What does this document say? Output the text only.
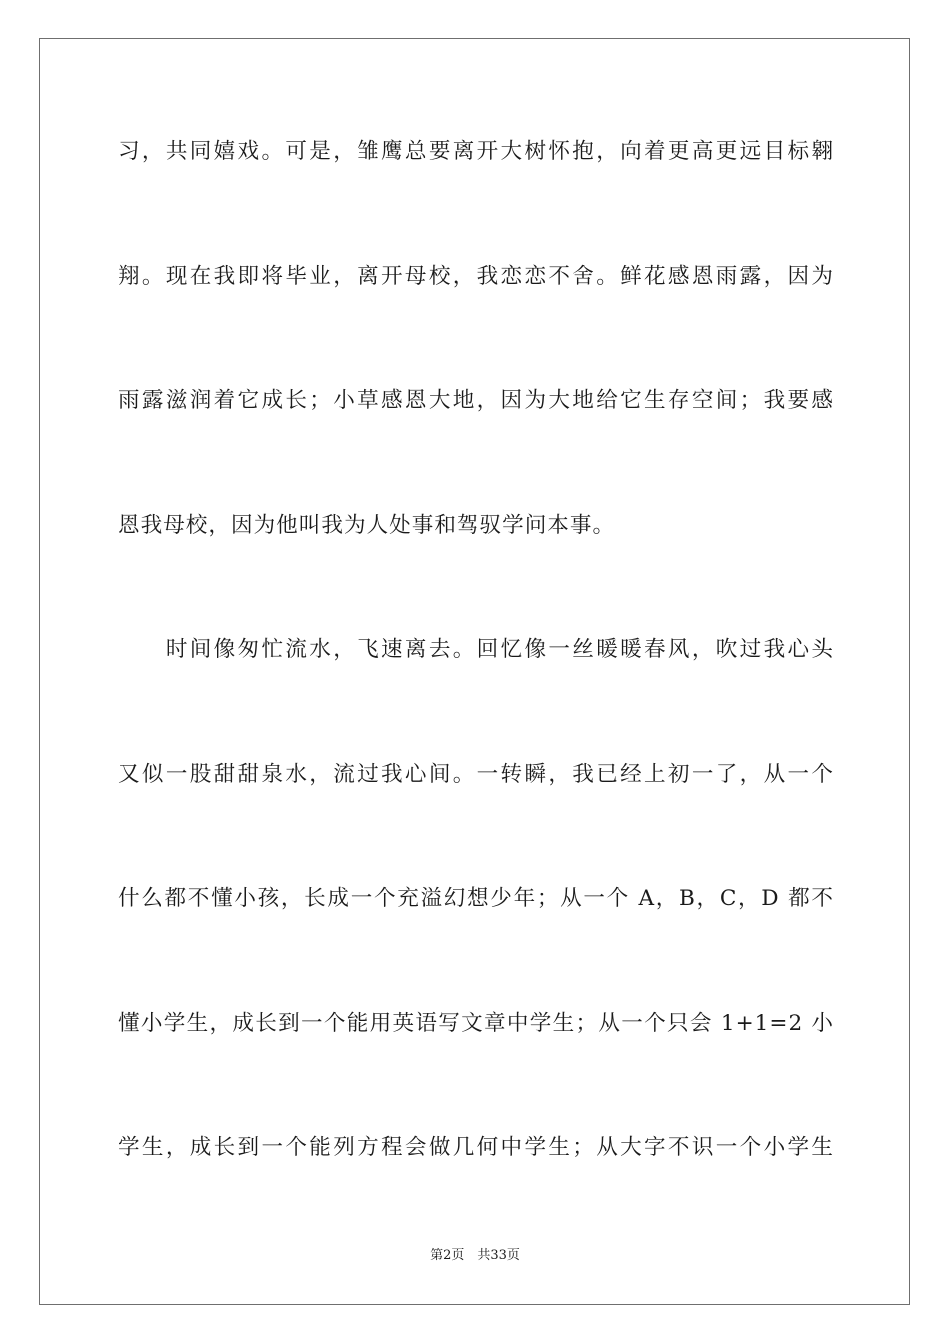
习，共同嬉戏。可是，雏鹰总要离开大树怀抱，向着更高更远目标翱
翔。现在我即将毕业，离开母校，我恋恋不舍。鲜花感恩雨露，因为
雨露滋润着它成长；小草感恩大地，因为大地给它生存空间；我要感
恩我母校，因为他叫我为人处事和驾驭学问本事。
　　时间像匆忙流水，飞速离去。回忆像一丝暖暖春风，吹过我心头
又似一股甜甜泉水，流过我心间。一转瞬，我已经上初一了，从一个
什么都不懂小孩，长成一个充溢幻想少年；从一个 A，B，C，D 都不
懂小学生，成长到一个能用英语写文章中学生；从一个只会 1+1=2 小
学生，成长到一个能列方程会做几何中学生；从大字不识一个小学生
第2页　共33页
